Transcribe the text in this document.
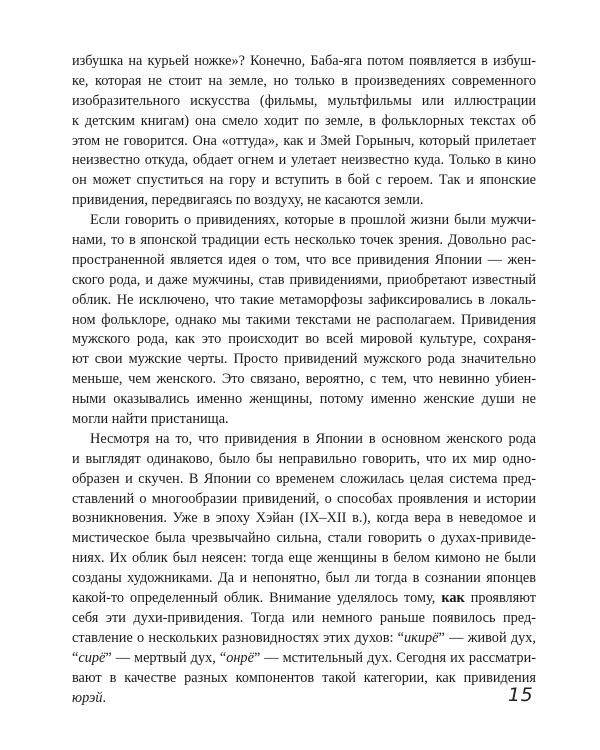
избушка на курьей ножке»? Конечно, Баба-яга потом появляется в избуш-
ке, которая не стоит на земле, но только в произведениях современного
изобразительного искусства (фильмы, мультфильмы или иллюстрации
к детским книгам) она смело ходит по земле, в фольклорных текстах об
этом не говорится. Она «оттуда», как и Змей Горыныч, который прилетает
неизвестно откуда, обдает огнем и улетает неизвестно куда. Только в кино
он может спуститься на гору и вступить в бой с героем. Так и японские
привидения, передвигаясь по воздуху, не касаются земли.
Если говорить о привидениях, которые в прошлой жизни были мужчи-
нами, то в японской традиции есть несколько точек зрения. Довольно рас-
пространенной является идея о том, что все привидения Японии — жен-
ского рода, и даже мужчины, став привидениями, приобретают известный
облик. Не исключено, что такие метаморфозы зафиксировались в локаль-
ном фольклоре, однако мы такими текстами не располагаем. Привидения
мужского рода, как это происходит во всей мировой культуре, сохраня-
ют свои мужские черты. Просто привидений мужского рода значительно
меньше, чем женского. Это связано, вероятно, с тем, что невинно убиен-
ными оказывались именно женщины, потому именно женские души не
могли найти пристанища.
Несмотря на то, что привидения в Японии в основном женского рода
и выглядят одинаково, было бы неправильно говорить, что их мир одно-
образен и скучен. В Японии со временем сложилась целая система пред-
ставлений о многообразии привидений, о способах проявления и истории
возникновения. Уже в эпоху Хэйан (IX–XII в.), когда вера в неведомое и
мистическое была чрезвычайно сильна, стали говорить о духах-привиде-
ниях. Их облик был неясен: тогда еще женщины в белом кимоно не были
созданы художниками. Да и непонятно, был ли тогда в сознании японцев
какой-то определенный облик. Внимание уделялось тому, как проявляют
себя эти духи-привидения. Тогда или немного раньше появилось пред-
ставление о нескольких разновидностях этих духов: “икирё” — живой дух,
“сирё” — мертвый дух, “онрё” — мстительный дух. Сегодня их рассматри-
вают в качестве разных компонентов такой категории, как привидения
юрэй.	15
